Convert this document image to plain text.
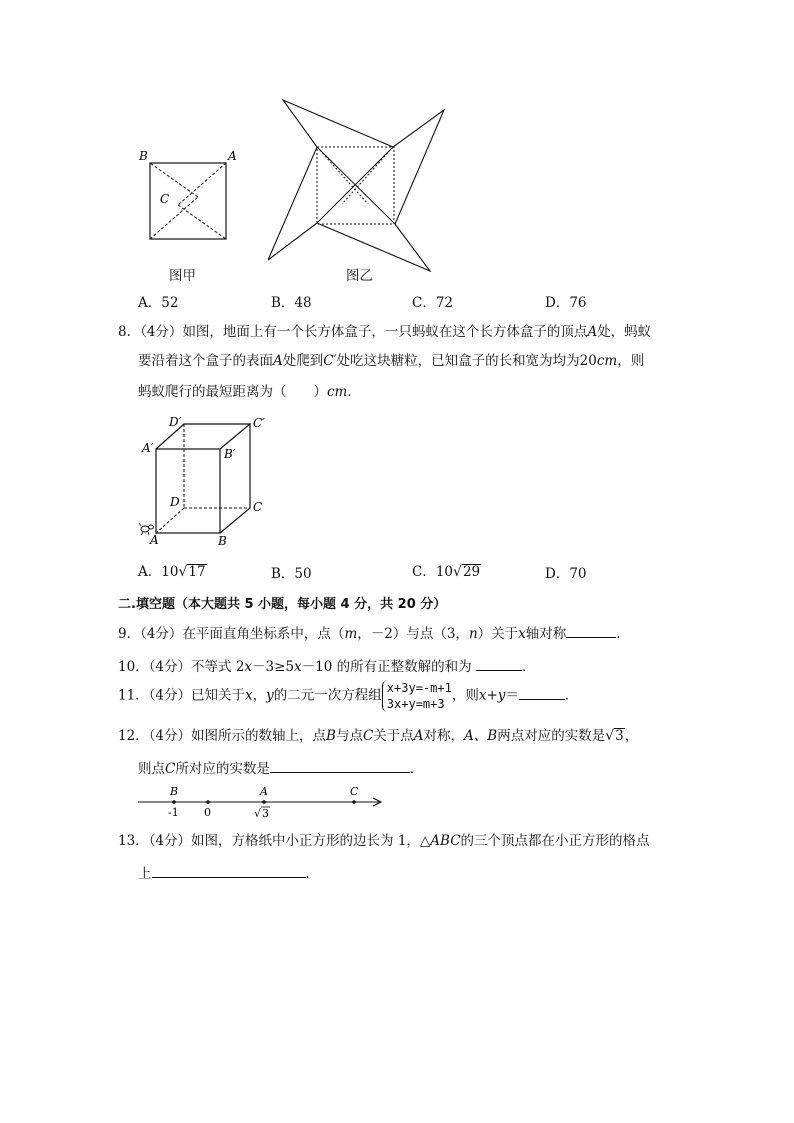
B	A
C
图甲	图乙
A．52	B．48	C．72	D．76
8．（4分）如图，地面上有一个长方体盒子，一只蚂蚁在这个长方体盒子的顶点A处，蚂蚁
要沿着这个盒子的表面A处爬到C′处吃这块糖粒，已知盒子的长和宽为均为20cm，则
蚂蚁爬行的最短距离为（　　）cm．
D′	C′
A′	B′
D	C
A	B
A．10√17	B．50	C．10√29	D．70
二.填空题（本大题共 5 小题，每小题 4 分，共 20 分）
9．（4分）在平面直角坐标系中，点（m，－2）与点（3，n）关于x轴对称	．
10．（4分）不等式 2x－3≥5x－10 的所有正整数解的和为	．
11．（4分）已知关于x，y的二元一次方程组 x+3y=-m+1
3x+y=m+3，则x+y＝	．
12．（4分）如图所示的数轴上，点B与点C关于点A对称，A、B两点对应的实数是√3，
则点C所对应的实数是	．
B	A	C
-1 0	√ 3
13．（4分）如图，方格纸中小正方形的边长为 1，△ABC的三个顶点都在小正方形的格点
上	．
